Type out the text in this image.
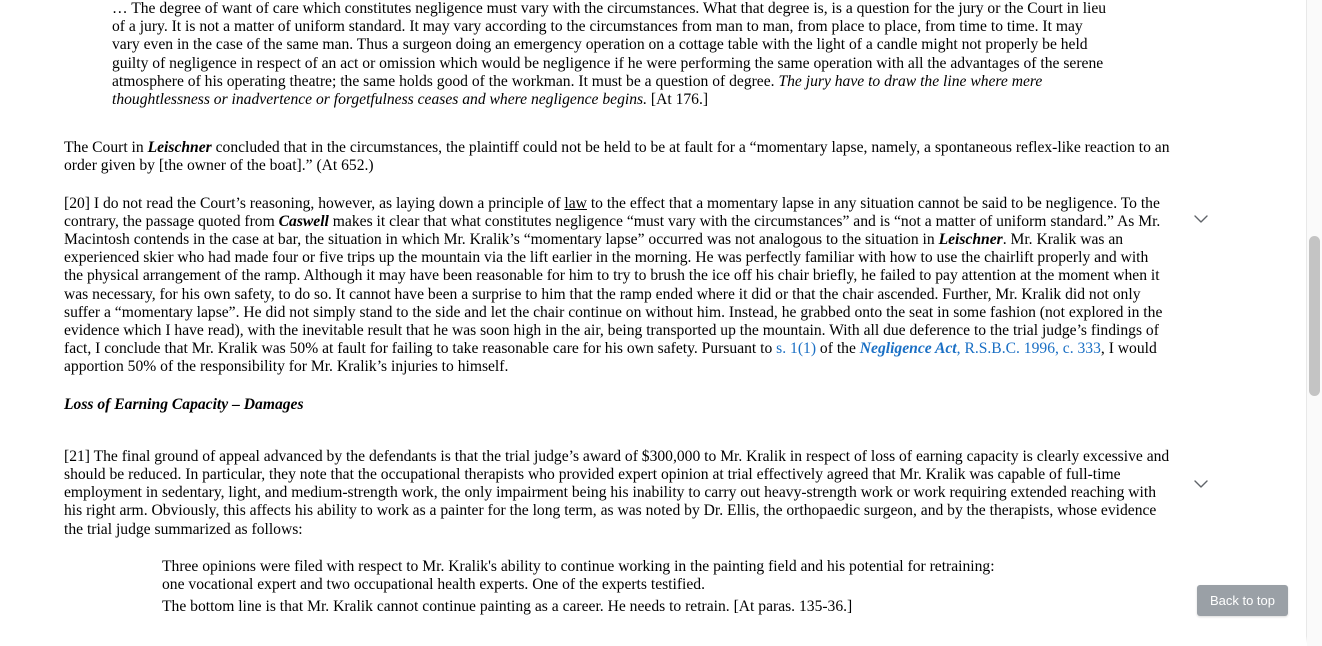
… The degree of want of care which constitutes negligence must vary with the circumstances. What that degree is, is a question for the jury or the Court in lieu of a jury. It is not a matter of uniform standard. It may vary according to the circumstances from man to man, from place to place, from time to time. It may vary even in the case of the same man. Thus a surgeon doing an emergency operation on a cottage table with the light of a candle might not properly be held guilty of negligence in respect of an act or omission which would be negligence if he were performing the same operation with all the advantages of the serene atmosphere of his operating theatre; the same holds good of the workman. It must be a question of degree. The jury have to draw the line where mere thoughtlessness or inadvertence or forgetfulness ceases and where negligence begins. [At 176.]

The Court in Leischner concluded that in the circumstances, the plaintiff could not be held to be at fault for a “momentary lapse, namely, a spontaneous reflex-like reaction to an order given by [the owner of the boat].” (At 652.)

[20] I do not read the Court’s reasoning, however, as laying down a principle of law to the effect that a momentary lapse in any situation cannot be said to be negligence. To the contrary, the passage quoted from Caswell makes it clear that what constitutes negligence “must vary with the circumstances” and is “not a matter of uniform standard.” As Mr. Macintosh contends in the case at bar, the situation in which Mr. Kralik’s “momentary lapse” occurred was not analogous to the situation in Leischner. Mr. Kralik was an experienced skier who had made four or five trips up the mountain via the lift earlier in the morning. He was perfectly familiar with how to use the chairlift properly and with the physical arrangement of the ramp. Although it may have been reasonable for him to try to brush the ice off his chair briefly, he failed to pay attention at the moment when it was necessary, for his own safety, to do so. It cannot have been a surprise to him that the ramp ended where it did or that the chair ascended. Further, Mr. Kralik did not only suffer a “momentary lapse”. He did not simply stand to the side and let the chair continue on without him. Instead, he grabbed onto the seat in some fashion (not explored in the evidence which I have read), with the inevitable result that he was soon high in the air, being transported up the mountain. With all due deference to the trial judge’s findings of fact, I conclude that Mr. Kralik was 50% at fault for failing to take reasonable care for his own safety. Pursuant to s. 1(1) of the Negligence Act, R.S.B.C. 1996, c. 333, I would apportion 50% of the responsibility for Mr. Kralik’s injuries to himself.

Loss of Earning Capacity – Damages

[21] The final ground of appeal advanced by the defendants is that the trial judge’s award of $300,000 to Mr. Kralik in respect of loss of earning capacity is clearly excessive and should be reduced. In particular, they note that the occupational therapists who provided expert opinion at trial effectively agreed that Mr. Kralik was capable of full-time employment in sedentary, light, and medium-strength work, the only impairment being his inability to carry out heavy-strength work or work requiring extended reaching with his right arm. Obviously, this affects his ability to work as a painter for the long term, as was noted by Dr. Ellis, the orthopaedic surgeon, and by the therapists, whose evidence the trial judge summarized as follows:

Three opinions were filed with respect to Mr. Kralik's ability to continue working in the painting field and his potential for retraining: one vocational expert and two occupational health experts. One of the experts testified.

The bottom line is that Mr. Kralik cannot continue painting as a career. He needs to retrain. [At paras. 135-36.]	Back to top
